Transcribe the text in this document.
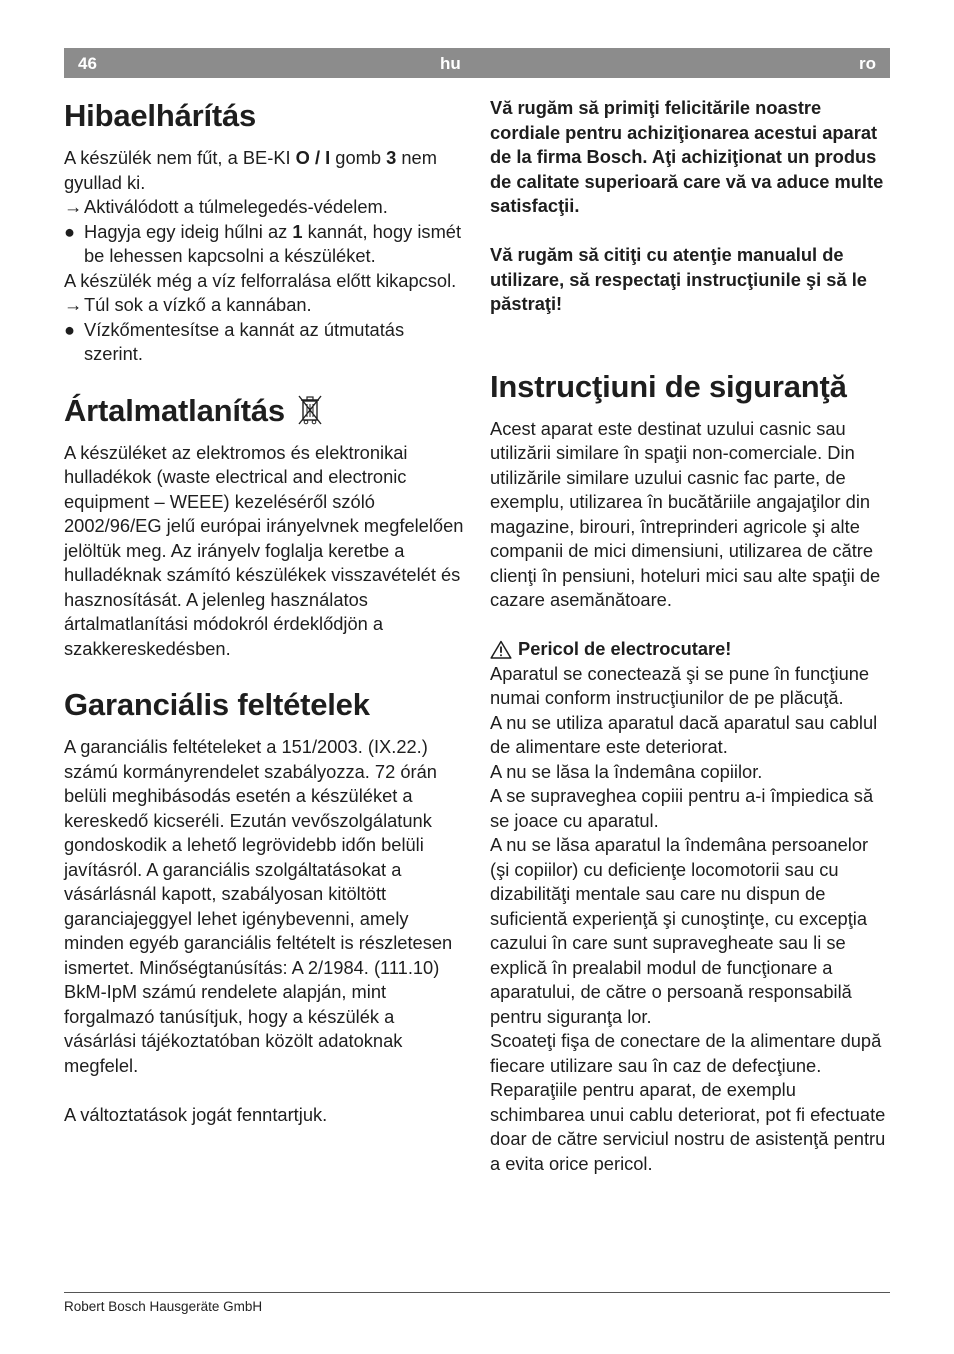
46	hu	ro
Hibaelhárítás

A készülék nem fűt, a BE-KI O / I gomb 3 nem gyullad ki.

→ Aktiválódott a túlmelegedés-védelem.

● Hagyja egy ideig hűlni az 1 kannát, hogy ismét be lehessen kapcsolni a készüléket.

A készülék még a víz felforralása előtt kikapcsol.

→ Túl sok a vízkő a kannában.

● Vízkőmentesítse a kannát az útmutatás szerint.

Ártalmatlanítás

A készüléket az elektromos és elektronikai hulladékok (waste electrical and electronic equipment – WEEE) kezeléséről szóló 2002/96/EG jelű európai irányelvnek megfelelően jelöltük meg. Az irányelv foglalja keretbe a hulladéknak számító készülékek visszavételét és hasznosítását. A jelenleg használatos ártalmatlanítási módokról érdeklődjön a szakkereskedésben.

Garanciális feltételek

A garanciális feltételeket a 151/2003. (IX.22.) számú kormányrendelet szabályozza. 72 órán belüli meghibásodás esetén a készüléket a kereskedő kicseréli. Ezután vevőszolgálatunk gondoskodik a lehető legrövidebb időn belüli javításról. A garanciális szolgáltatásokat a vásárlásnál kapott, szabályosan kitöltött garanciajeggyel lehet igénybevenni, amely minden egyéb garanciális feltételt is részletesen ismertet. Minőségtanúsítás: A 2/1984. (111.10) BkM-IpM számú rendelete alapján, mint forgalmazó tanúsítjuk, hogy a készülék a vásárlási tájékoztatóban közölt adatoknak megfelel.

A változtatások jogát fenntartjuk.

Vă rugăm să primiţi felicitările noastre cordiale pentru achiziţionarea acestui aparat de la firma Bosch. Aţi achiziţionat un produs de calitate superioară care vă va aduce multe satisfacţii.

Vă rugăm să citiţi cu atenţie manualul de utilizare, să respectaţi instrucţiunile şi să le păstraţi!

Instrucţiuni de siguranţă

Acest aparat este destinat uzului casnic sau utilizării similare în spaţii non-comerciale. Din utilizările similare uzului casnic fac parte, de exemplu, utilizarea în bucătăriile angajaţilor din magazine, birouri, întreprinderi agricole şi alte companii de mici dimensiuni, utilizarea de către clienţi în pensiuni, hoteluri mici sau alte spaţii de cazare asemănătoare.

Pericol de electrocutare!

Aparatul se conectează şi se pune în funcţiune numai conform instrucţiunilor de pe plăcuţă.

A nu se utiliza aparatul dacă aparatul sau cablul de alimentare este deteriorat.

A nu se lăsa la îndemâna copiilor.

A se supraveghea copiii pentru a-i împiedica să se joace cu aparatul.

A nu se lăsa aparatul la îndemâna persoanelor (şi copiilor) cu deficienţe locomotorii sau cu dizabilităţi mentale sau care nu dispun de suficientă experienţă şi cunoştinţe, cu excepţia cazului în care sunt supravegheate sau li se explică în prealabil modul de funcţionare a aparatului, de către o persoană responsabilă pentru siguranţa lor.

Scoateţi fişa de conectare de la alimentare după fiecare utilizare sau în caz de defecţiune.

Reparaţiile pentru aparat, de exemplu schimbarea unui cablu deteriorat, pot fi efectuate doar de către serviciul nostru de asistenţă pentru a evita orice pericol.

Robert Bosch Hausgeräte GmbH
